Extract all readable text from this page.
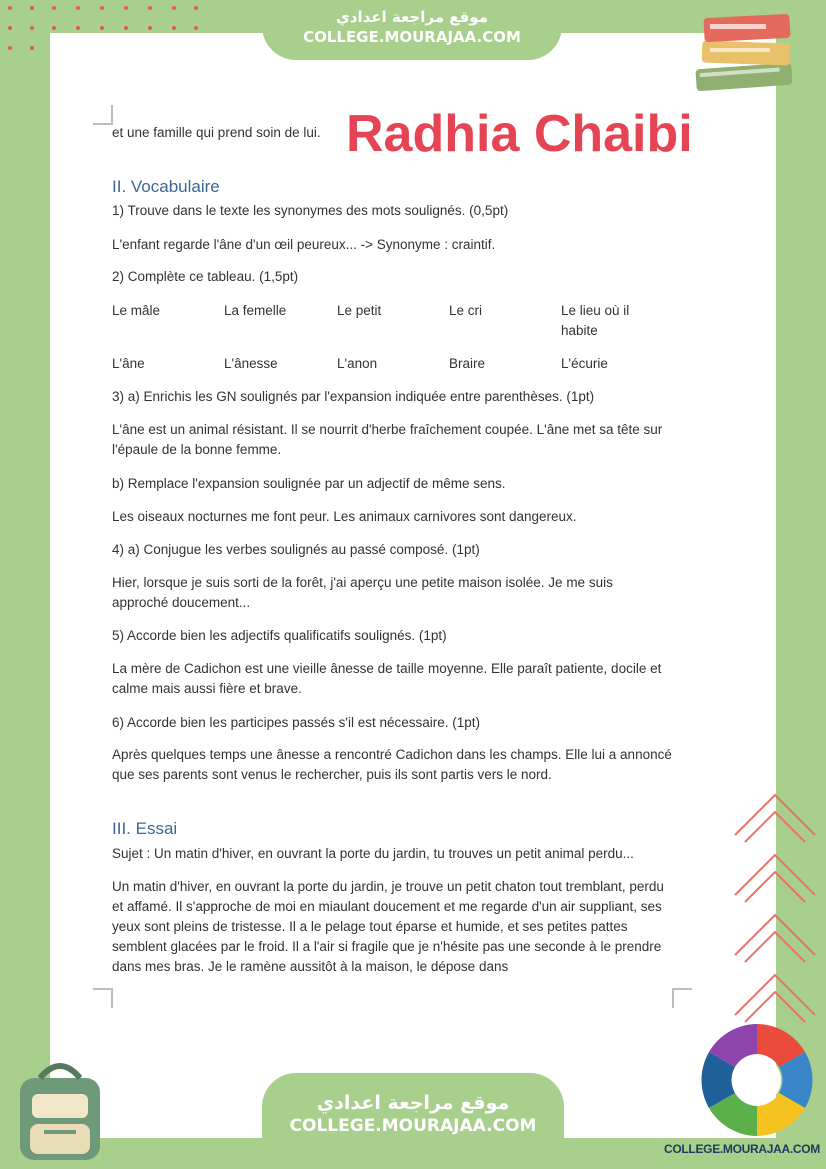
موقع مراجعة اعدادي
COLLEGE.MOURAJAA.COM
Radhia Chaibi
et une famille qui prend soin de lui.
II. Vocabulaire
1) Trouve dans le texte les synonymes des mots soulignés. (0,5pt)
L'enfant regarde l'âne d'un œil peureux... -> Synonyme : craintif.
2) Complète ce tableau. (1,5pt)
Le mâle	La femelle	Le petit	Le cri	Le lieu où il habite
L'âne	L'ânesse	L'anon	Braire	L'écurie
3) a) Enrichis les GN soulignés par l'expansion indiquée entre parenthèses. (1pt)
L'âne est un animal résistant. Il se nourrit d'herbe fraîchement coupée. L'âne met sa tête sur l'épaule de la bonne femme.
b) Remplace l'expansion soulignée par un adjectif de même sens.
Les oiseaux nocturnes me font peur. Les animaux carnivores sont dangereux.
4) a) Conjugue les verbes soulignés au passé composé. (1pt)
Hier, lorsque je suis sorti de la forêt, j'ai aperçu une petite maison isolée. Je me suis approché doucement...
5) Accorde bien les adjectifs qualificatifs soulignés. (1pt)
La mère de Cadichon est une vieille ânesse de taille moyenne. Elle paraît patiente, docile et calme mais aussi fière et brave.
6) Accorde bien les participes passés s'il est nécessaire. (1pt)
Après quelques temps une ânesse a rencontré Cadichon dans les champs. Elle lui a annoncé que ses parents sont venus le rechercher, puis ils sont partis vers le nord.
III. Essai
Sujet : Un matin d'hiver, en ouvrant la porte du jardin, tu trouves un petit animal perdu...
Un matin d'hiver, en ouvrant la porte du jardin, je trouve un petit chaton tout tremblant, perdu et affamé. Il s'approche de moi en miaulant doucement et me regarde d'un air suppliant, ses yeux sont pleins de tristesse. Il a le pelage tout éparse et humide, et ses petites pattes semblent glacées par le froid. Il a l'air si fragile que je n'hésite pas une seconde à le prendre dans mes bras. Je le ramène aussitôt à la maison, le dépose dans
موقع مراجعة اعدادي
COLLEGE.MOURAJAA.COM
COLLEGE.MOURAJAA.COM
